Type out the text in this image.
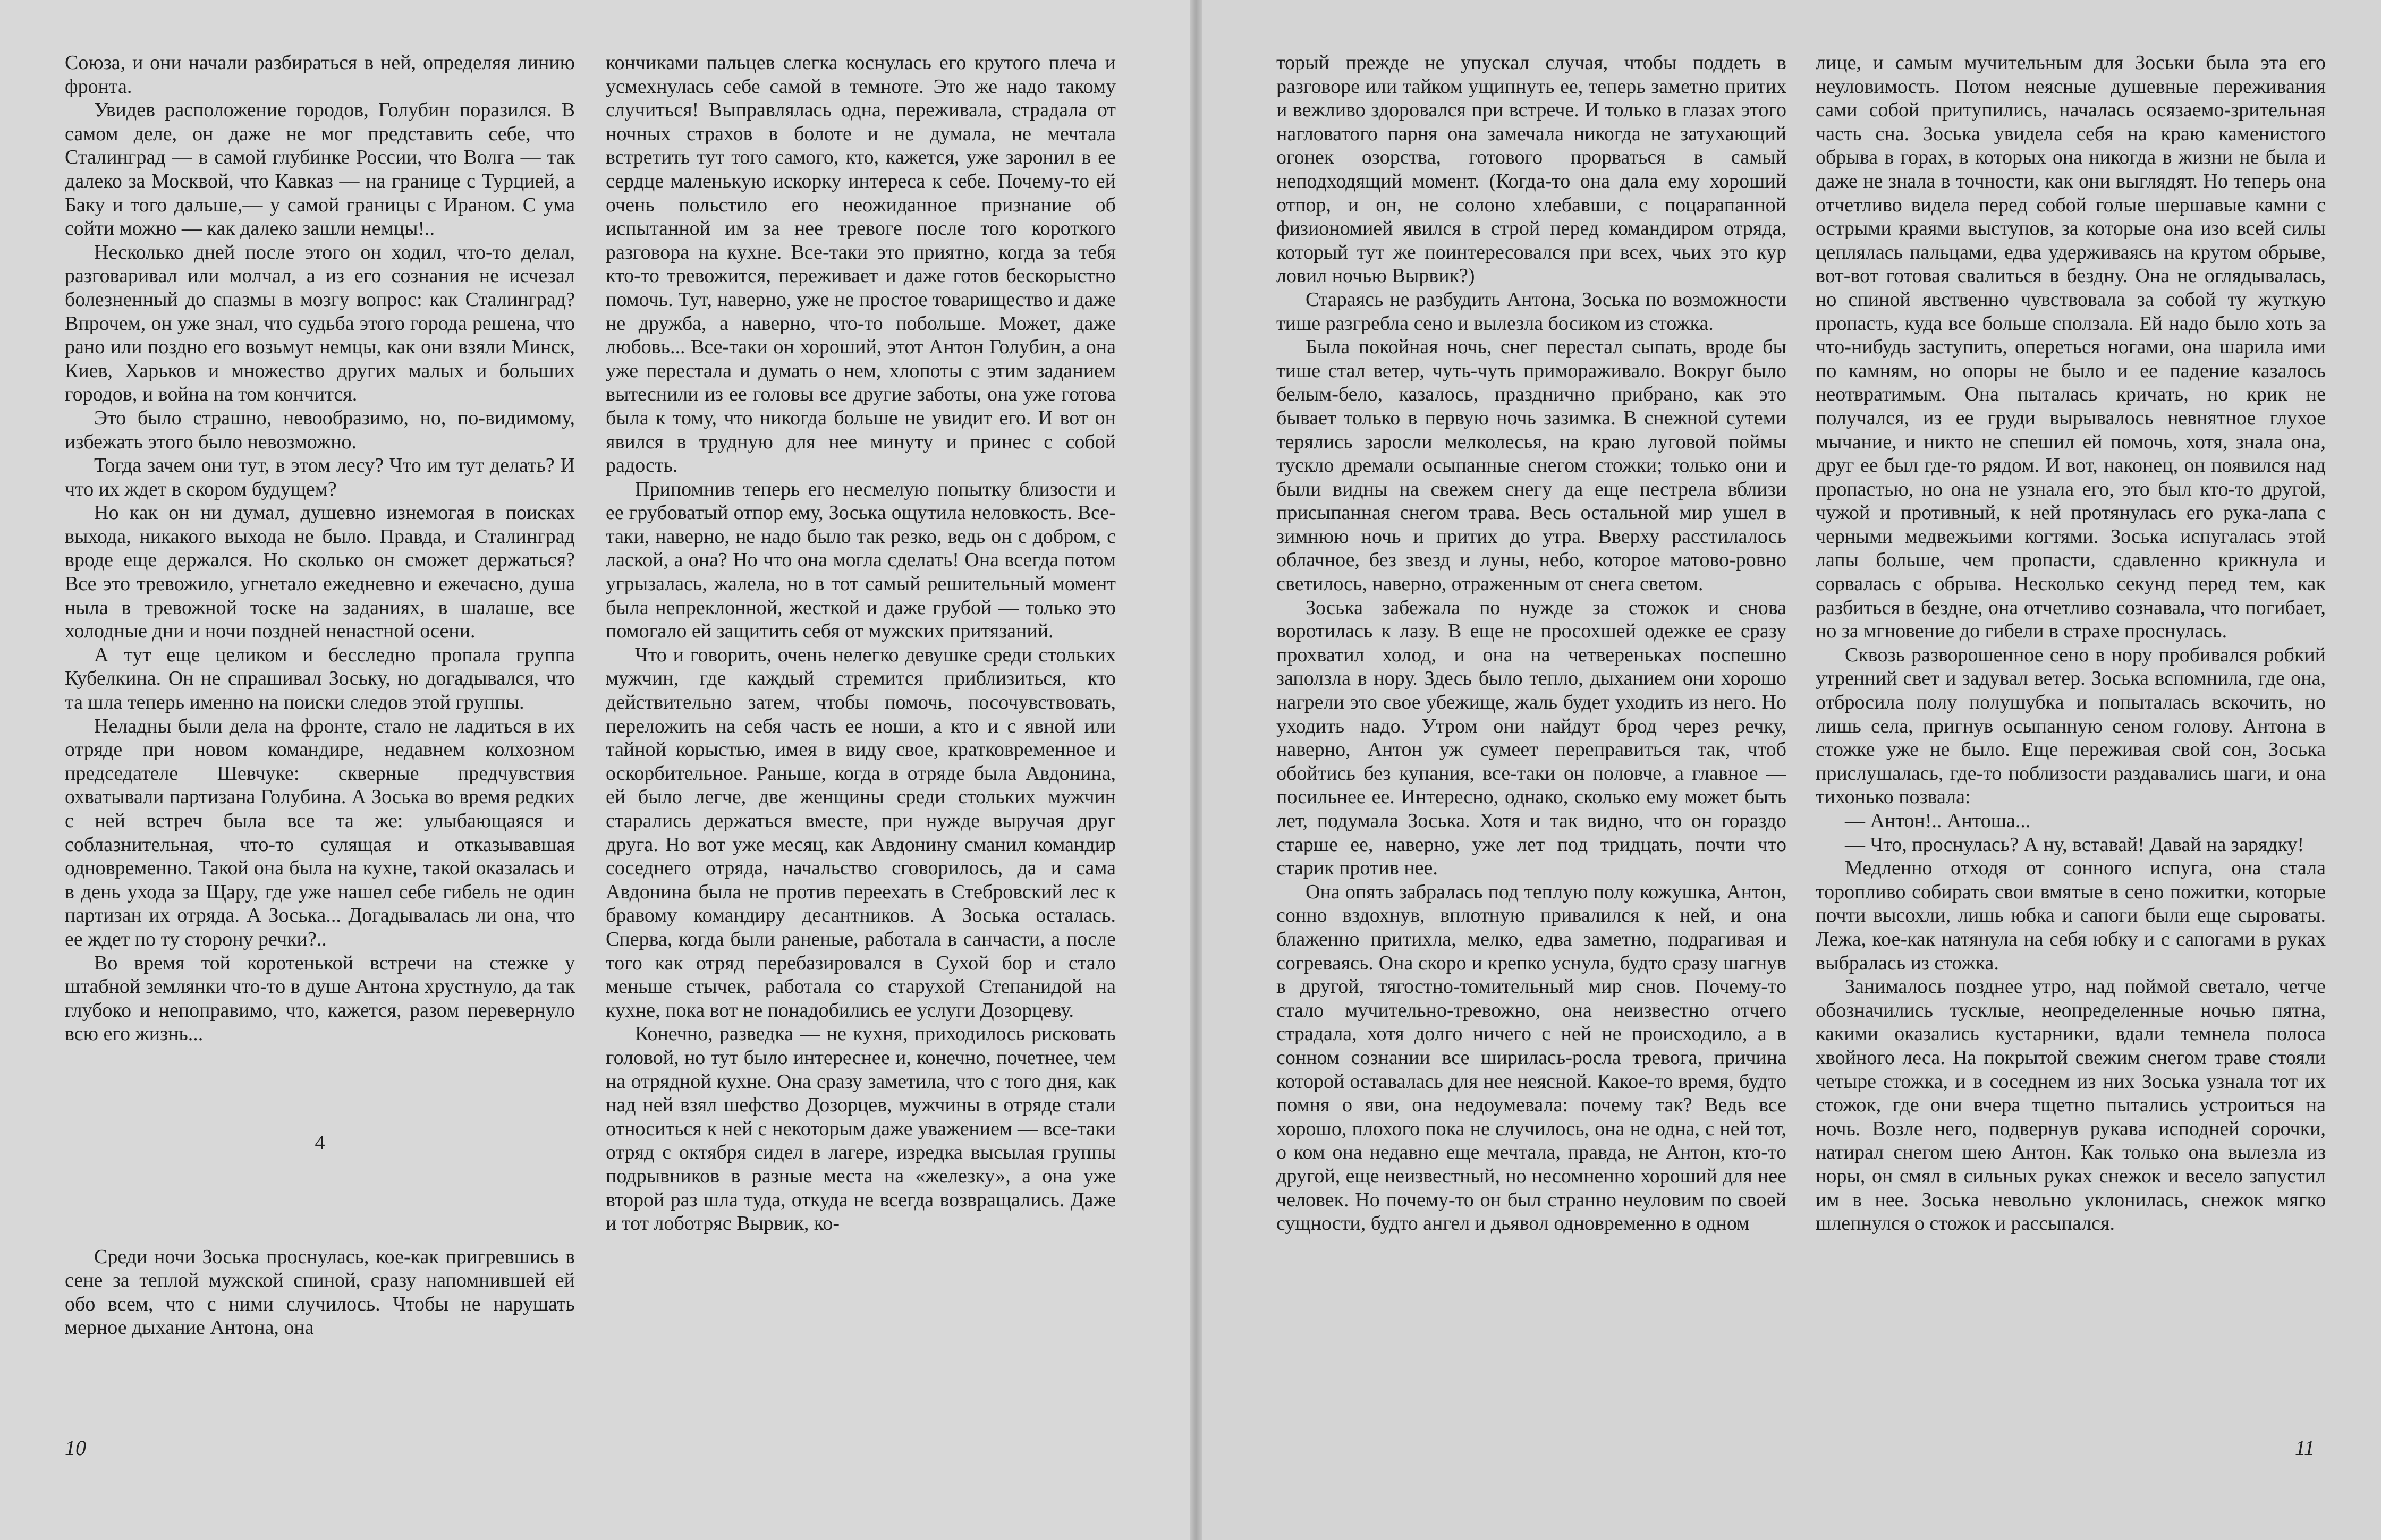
Союза, и они начали разбираться в ней, определяя линию фронта.

Увидев расположение городов, Голубин поразился. В самом деле, он даже не мог представить себе, что Сталинград — в самой глубинке России, что Волга — так далеко за Москвой, что Кавказ — на границе с Турцией, а Баку и того дальше,— у самой границы с Ираном. С ума сойти можно — как далеко зашли немцы!..

Несколько дней после этого он ходил, что-то делал, разговаривал или молчал, а из его сознания не исчезал болезненный до спазмы в мозгу вопрос: как Сталинград? Впрочем, он уже знал, что судьба этого города решена, что рано или поздно его возьмут немцы, как они взяли Минск, Киев, Харьков и множество других малых и больших городов, и война на том кончится.

Это было страшно, невообразимо, но, по-видимому, избежать этого было невозможно.

Тогда зачем они тут, в этом лесу? Что им тут делать? И что их ждет в скором будущем?

Но как он ни думал, душевно изнемогая в поисках выхода, никакого выхода не было. Правда, и Сталинград вроде еще держался. Но сколько он сможет держаться? Все это тревожило, угнетало ежедневно и ежечасно, душа ныла в тревожной тоске на заданиях, в шалаше, все холодные дни и ночи поздней ненастной осени.

А тут еще целиком и бесследно пропала группа Кубелкина. Он не спрашивал Зоську, но догадывался, что та шла теперь именно на поиски следов этой группы.

Неладны были дела на фронте, стало не ладиться в их отряде при новом командире, недавнем колхозном председателе Шевчуке: скверные предчувствия охватывали партизана Голубина. А Зоська во время редких с ней встреч была все та же: улыбающаяся и соблазнительная, что-то сулящая и отказывавшая одновременно. Такой она была на кухне, такой оказалась и в день ухода за Щару, где уже нашел себе гибель не один партизан их отряда. А Зоська... Догадывалась ли она, что ее ждет по ту сторону речки?..

Во время той коротенькой встречи на стежке у штабной землянки что-то в душе Антона хрустнуло, да так глубоко и непоправимо, что, кажется, разом перевернуло всю его жизнь...

4

Среди ночи Зоська проснулась, кое-как пригревшись в сене за теплой мужской спиной, сразу напомнившей ей обо всем, что с ними случилось. Чтобы не нарушать мерное дыхание Антона, она

кончиками пальцев слегка коснулась его крутого плеча и усмехнулась себе самой в темноте. Это же надо такому случиться! Выправлялась одна, переживала, страдала от ночных страхов в болоте и не думала, не мечтала встретить тут того самого, кто, кажется, уже заронил в ее сердце маленькую искорку интереса к себе. Почему-то ей очень польстило его неожиданное признание об испытанной им за нее тревоге после того короткого разговора на кухне. Все-таки это приятно, когда за тебя кто-то тревожится, переживает и даже готов бескорыстно помочь. Тут, наверно, уже не простое товарищество и даже не дружба, а наверно, что-то побольше. Может, даже любовь... Все-таки он хороший, этот Антон Голубин, а она уже перестала и думать о нем, хлопоты с этим заданием вытеснили из ее головы все другие заботы, она уже готова была к тому, что никогда больше не увидит его. И вот он явился в трудную для нее минуту и принес с собой радость.

Припомнив теперь его несмелую попытку близости и ее грубоватый отпор ему, Зоська ощутила неловкость. Все-таки, наверно, не надо было так резко, ведь он с добром, с лаской, а она? Но что она могла сделать! Она всегда потом угрызалась, жалела, но в тот самый решительный момент была непреклонной, жесткой и даже грубой — только это помогало ей защитить себя от мужских притязаний.

Что и говорить, очень нелегко девушке среди стольких мужчин, где каждый стремится приблизиться, кто действительно затем, чтобы помочь, посочувствовать, переложить на себя часть ее ноши, а кто и с явной или тайной корыстью, имея в виду свое, кратковременное и оскорбительное. Раньше, когда в отряде была Авдонина, ей было легче, две женщины среди стольких мужчин старались держаться вместе, при нужде выручая друг друга. Но вот уже месяц, как Авдонину сманил командир соседнего отряда, начальство сговорилось, да и сама Авдонина была не против переехать в Стебровский лес к бравому командиру десантников. А Зоська осталась. Сперва, когда были раненые, работала в санчасти, а после того как отряд перебазировался в Сухой бор и стало меньше стычек, работала со старухой Степанидой на кухне, пока вот не понадобились ее услуги Дозорцеву.

Конечно, разведка — не кухня, приходилось рисковать головой, но тут было интереснее и, конечно, почетнее, чем на отрядной кухне. Она сразу заметила, что с того дня, как над ней взял шефство Дозорцев, мужчины в отряде стали относиться к ней с некоторым даже уважением — все-таки отряд с октября сидел в лагере, изредка высылая группы подрывников в разные места на «железку», а она уже второй раз шла туда, откуда не всегда возвращались. Даже и тот лоботряс Вырвик, ко-

10

торый прежде не упускал случая, чтобы поддеть в разговоре или тайком ущипнуть ее, теперь заметно притих и вежливо здоровался при встрече. И только в глазах этого нагловатого парня она замечала никогда не затухающий огонек озорства, готового прорваться в самый неподходящий момент. (Когда-то она дала ему хороший отпор, и он, не солоно хлебавши, с поцарапанной физиономией явился в строй перед командиром отряда, который тут же поинтересовался при всех, чьих это кур ловил ночью Вырвик?)

Стараясь не разбудить Антона, Зоська по возможности тише разгребла сено и вылезла босиком из стожка.

Была покойная ночь, снег перестал сыпать, вроде бы тише стал ветер, чуть-чуть примораживало. Вокруг было белым-бело, казалось, празднично прибрано, как это бывает только в первую ночь зазимка. В снежной сутеми терялись заросли мелколесья, на краю луговой поймы тускло дремали осыпанные снегом стожки; только они и были видны на свежем снегу да еще пестрела вблизи присыпанная снегом трава. Весь остальной мир ушел в зимнюю ночь и притих до утра. Вверху расстилалось облачное, без звезд и луны, небо, которое матово-ровно светилось, наверно, отраженным от снега светом.

Зоська забежала по нужде за стожок и снова воротилась к лазу. В еще не просохшей одежке ее сразу прохватил холод, и она на четвереньках поспешно заползла в нору. Здесь было тепло, дыханием они хорошо нагрели это свое убежище, жаль будет уходить из него. Но уходить надо. Утром они найдут брод через речку, наверно, Антон уж сумеет переправиться так, чтоб обойтись без купания, все-таки он половче, а главное — посильнее ее. Интересно, однако, сколько ему может быть лет, подумала Зоська. Хотя и так видно, что он гораздо старше ее, наверно, уже лет под тридцать, почти что старик против нее.

Она опять забралась под теплую полу кожушка, Антон, сонно вздохнув, вплотную привалился к ней, и она блаженно притихла, мелко, едва заметно, подрагивая и согреваясь. Она скоро и крепко уснула, будто сразу шагнув в другой, тягостно-томительный мир снов. Почему-то стало мучительно-тревожно, она неизвестно отчего страдала, хотя долго ничего с ней не происходило, а в сонном сознании все ширилась-росла тревога, причина которой оставалась для нее неясной. Какое-то время, будто помня о яви, она недоумевала: почему так? Ведь все хорошо, плохого пока не случилось, она не одна, с ней тот, о ком она недавно еще мечтала, правда, не Антон, кто-то другой, еще неизвестный, но несомненно хороший для нее человек. Но почему-то он был странно неуловим по своей сущности, будто ангел и дьявол одновременно в одном

лице, и самым мучительным для Зоськи была эта его неуловимость. Потом неясные душевные переживания сами собой притупились, началась осязаемо-зрительная часть сна. Зоська увидела себя на краю каменистого обрыва в горах, в которых она никогда в жизни не была и даже не знала в точности, как они выглядят. Но теперь она отчетливо видела перед собой голые шершавые камни с острыми краями выступов, за которые она изо всей силы цеплялась пальцами, едва удерживаясь на крутом обрыве, вот-вот готовая свалиться в бездну. Она не оглядывалась, но спиной явственно чувствовала за собой ту жуткую пропасть, куда все больше сползала. Ей надо было хоть за что-нибудь заступить, опереться ногами, она шарила ими по камням, но опоры не было и ее падение казалось неотвратимым. Она пыталась кричать, но крик не получался, из ее груди вырывалось невнятное глухое мычание, и никто не спешил ей помочь, хотя, знала она, друг ее был где-то рядом. И вот, наконец, он появился над пропастью, но она не узнала его, это был кто-то другой, чужой и противный, к ней протянулась его рука-лапа с черными медвежьими когтями. Зоська испугалась этой лапы больше, чем пропасти, сдавленно крикнула и сорвалась с обрыва. Несколько секунд перед тем, как разбиться в бездне, она отчетливо сознавала, что погибает, но за мгновение до гибели в страхе проснулась.

Сквозь разворошенное сено в нору пробивался робкий утренний свет и задувал ветер. Зоська вспомнила, где она, отбросила полу полушубка и попыталась вскочить, но лишь села, пригнув осыпанную сеном голову. Антона в стожке уже не было. Еще переживая свой сон, Зоська прислушалась, где-то поблизости раздавались шаги, и она тихонько позвала:

— Антон!.. Антоша...

— Что, проснулась? А ну, вставай! Давай на зарядку!

Медленно отходя от сонного испуга, она стала торопливо собирать свои вмятые в сено пожитки, которые почти высохли, лишь юбка и сапоги были еще сыроваты. Лежа, кое-как натянула на себя юбку и с сапогами в руках выбралась из стожка.

Занималось позднее утро, над поймой светало, четче обозначились тусклые, неопределенные ночью пятна, какими оказались кустарники, вдали темнела полоса хвойного леса. На покрытой свежим снегом траве стояли четыре стожка, и в соседнем из них Зоська узнала тот их стожок, где они вчера тщетно пытались устроиться на ночь. Возле него, подвернув рукава исподней сорочки, натирал снегом шею Антон. Как только она вылезла из норы, он смял в сильных руках снежок и весело запустил им в нее. Зоська невольно уклонилась, снежок мягко шлепнулся о стожок и рассыпался.

11
